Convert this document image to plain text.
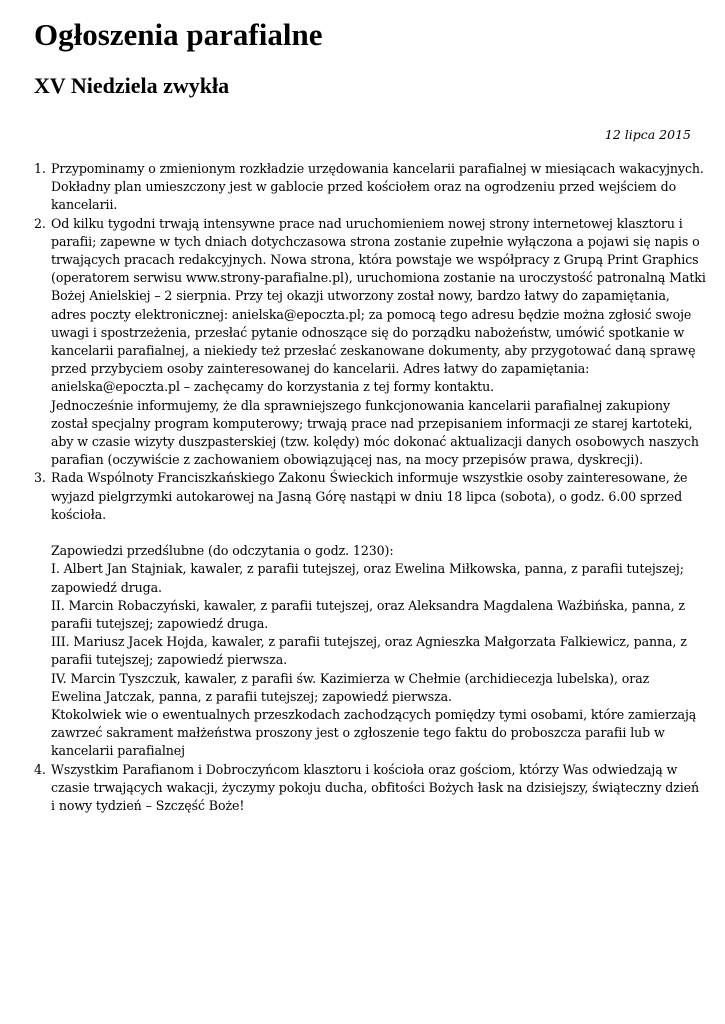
Ogłoszenia parafialne
XV Niedziela zwykła
12 lipca 2015
1. Przypominamy o zmienionym rozkładzie urzędowania kancelarii parafialnej w miesiącach wakacyjnych.
Dokładny plan umieszczony jest w gablocie przed kościołem oraz na ogrodzeniu przed wejściem do
kancelarii.
2. Od kilku tygodni trwają intensywne prace nad uruchomieniem nowej strony internetowej klasztoru i
parafii; zapewne w tych dniach dotychczasowa strona zostanie zupełnie wyłączona a pojawi się napis o
trwających pracach redakcyjnych. Nowa strona, która powstaje we współpracy z Grupą Print Graphics
(operatorem serwisu www.strony-parafialne.pl), uruchomiona zostanie na uroczystość patronalną Matki
Bożej Anielskiej – 2 sierpnia. Przy tej okazji utworzony został nowy, bardzo łatwy do zapamiętania,
adres poczty elektronicznej: anielska@epoczta.pl; za pomocą tego adresu będzie można zgłosić swoje
uwagi i spostrzeżenia, przesłać pytanie odnoszące się do porządku nabożeństw, umówić spotkanie w
kancelarii parafialnej, a niekiedy też przesłać zeskanowane dokumenty, aby przygotować daną sprawę
przed przybyciem osoby zainteresowanej do kancelarii. Adres łatwy do zapamiętania:
anielska@epoczta.pl – zachęcamy do korzystania z tej formy kontaktu.
Jednocześnie informujemy, że dla sprawniejszego funkcjonowania kancelarii parafialnej zakupiony
został specjalny program komputerowy; trwają prace nad przepisaniem informacji ze starej kartoteki,
aby w czasie wizyty duszpasterskiej (tzw. kolędy) móc dokonać aktualizacji danych osobowych naszych
parafian (oczywiście z zachowaniem obowiązującej nas, na mocy przepisów prawa, dyskrecji).
3. Rada Wspólnoty Franciszkańskiego Zakonu Świeckich informuje wszystkie osoby zainteresowane, że
wyjazd pielgrzymki autokarowej na Jasną Górę nastąpi w dniu 18 lipca (sobota), o godz. 6.00 sprzed
kościoła.
Zapowiedzi przedślubne (do odczytania o godz. 1230):
I. Albert Jan Stajniak, kawaler, z parafii tutejszej, oraz Ewelina Miłkowska, panna, z parafii tutejszej;
zapowiedź druga.
II. Marcin Robaczyński, kawaler, z parafii tutejszej, oraz Aleksandra Magdalena Waźbińska, panna, z
parafii tutejszej; zapowiedź druga.
III. Mariusz Jacek Hojda, kawaler, z parafii tutejszej, oraz Agnieszka Małgorzata Falkiewicz, panna, z
parafii tutejszej; zapowiedź pierwsza.
IV. Marcin Tyszczuk, kawaler, z parafii św. Kazimierza w Chełmie (archidiecezja lubelska), oraz
Ewelina Jatczak, panna, z parafii tutejszej; zapowiedź pierwsza.
Ktokolwiek wie o ewentualnych przeszkodach zachodzących pomiędzy tymi osobami, które zamierzają
zawrzeć sakrament małżeństwa proszony jest o zgłoszenie tego faktu do proboszcza parafii lub w
kancelarii parafialnej
4. Wszystkim Parafianom i Dobroczyńcom klasztoru i kościoła oraz gościom, którzy Was odwiedzają w
czasie trwających wakacji, życzymy pokoju ducha, obfitości Bożych łask na dzisiejszy, świąteczny dzień
i nowy tydzień – Szczęść Boże!
